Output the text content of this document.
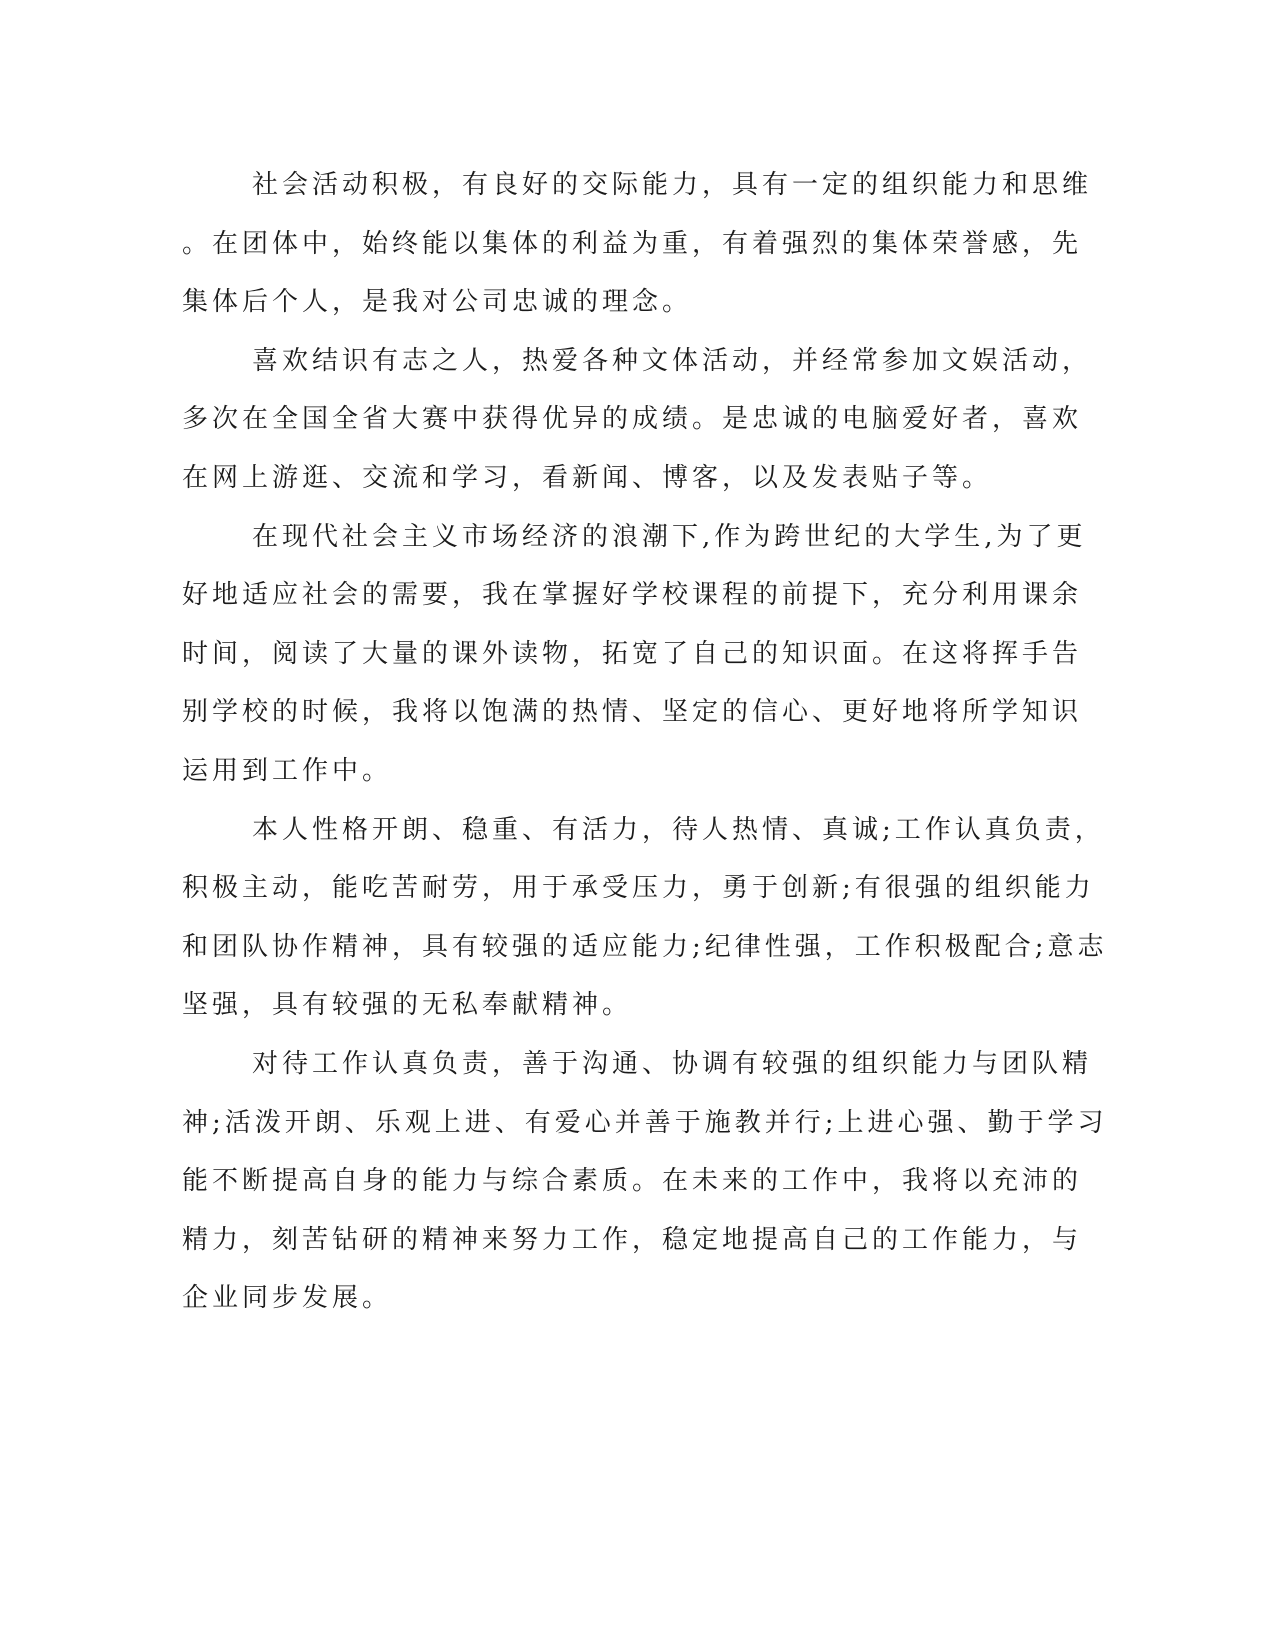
社会活动积极，有良好的交际能力，具有一定的组织能力和思维
。在团体中，始终能以集体的利益为重，有着强烈的集体荣誉感，先
集体后个人，是我对公司忠诚的理念。
喜欢结识有志之人，热爱各种文体活动，并经常参加文娱活动，
多次在全国全省大赛中获得优异的成绩。是忠诚的电脑爱好者，喜欢
在网上游逛、交流和学习，看新闻、博客，以及发表贴子等。
在现代社会主义市场经济的浪潮下,作为跨世纪的大学生,为了更
好地适应社会的需要，我在掌握好学校课程的前提下，充分利用课余
时间，阅读了大量的课外读物，拓宽了自己的知识面。在这将挥手告
别学校的时候，我将以饱满的热情、坚定的信心、更好地将所学知识
运用到工作中。
本人性格开朗、稳重、有活力，待人热情、真诚;工作认真负责，
积极主动，能吃苦耐劳，用于承受压力，勇于创新;有很强的组织能力
和团队协作精神，具有较强的适应能力;纪律性强，工作积极配合;意志
坚强，具有较强的无私奉献精神。
对待工作认真负责，善于沟通、协调有较强的组织能力与团队精
神;活泼开朗、乐观上进、有爱心并善于施教并行;上进心强、勤于学习
能不断提高自身的能力与综合素质。在未来的工作中，我将以充沛的
精力，刻苦钻研的精神来努力工作，稳定地提高自己的工作能力，与
企业同步发展。
